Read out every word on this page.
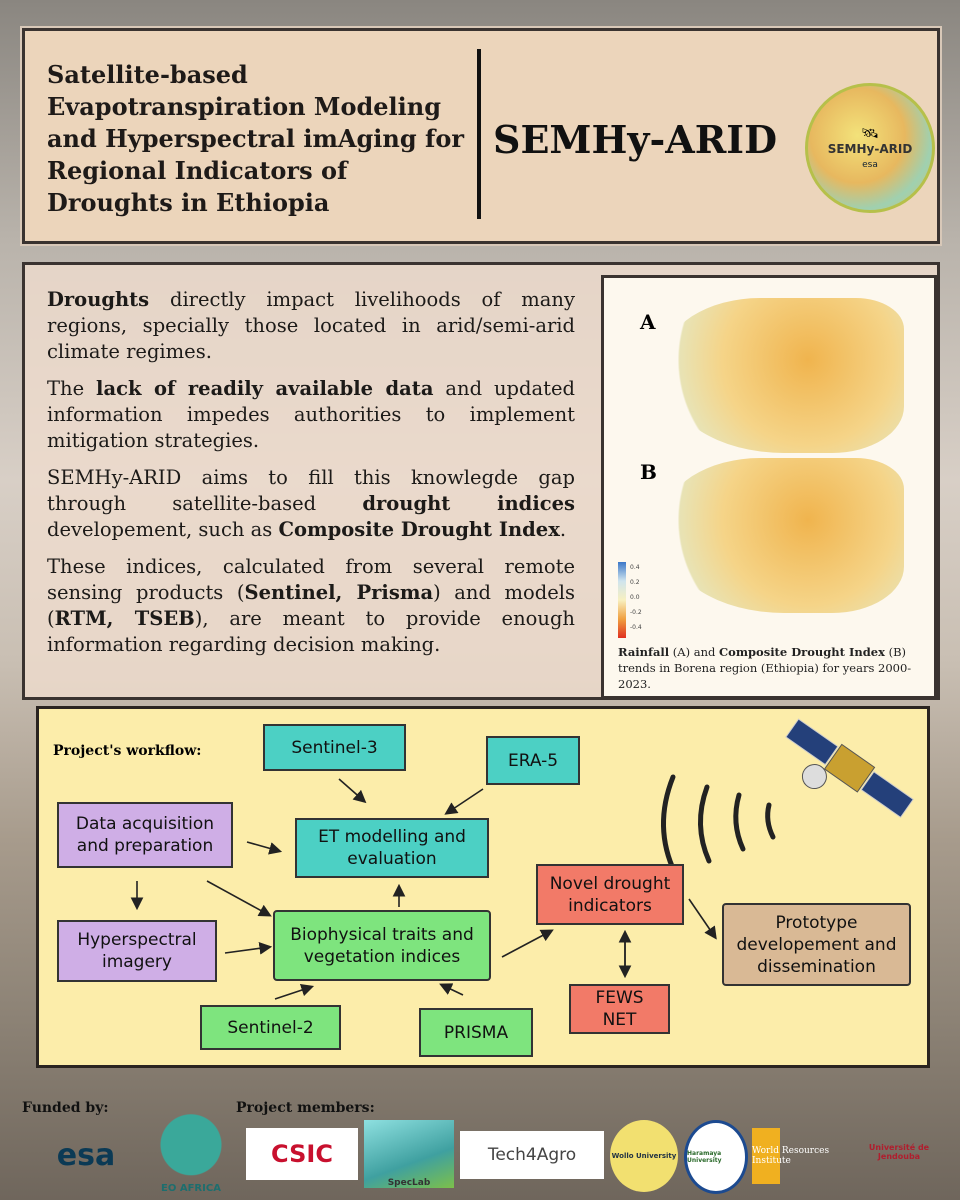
Satellite-based Evapotranspiration Modeling and Hyperspectral imAging for Regional Indicators of Droughts in Ethiopia
SEMHy-ARID	🛰
SEMHy-ARID
esa

Droughts directly impact livelihoods of many regions, specially those located in arid/semi-arid climate regimes.

The lack of readily available data and updated information impedes authorities to implement mitigation strategies.

SEMHy-ARID aims to fill this knowlegde gap through satellite-based drought indices developement, such as Composite Drought Index.

These indices, calculated from several remote sensing products (Sentinel, Prisma) and models (RTM, TSEB), are meant to provide enough information regarding decision making.

A
B
0.4
0.2
0.0
-0.2
-0.4
Rainfall (A) and Composite Drought Index (B) trends in Borena region (Ethiopia) for years 2000-2023.
Project's workflow:	Sentinel-3
ERA-5
Data acquisition and preparation	ET modelling and evaluation
Hyperspectral imagery
Biophysical traits and vegetation indices
Novel drought indicators
Prototype developement and dissemination
FEWS NET
Sentinel-2	PRISMA
Funded by:	Project members:
esa
EO AFRICA
CSIC
SpecLab
Tech4Agro	Wollo University	Haramaya University
World Resources Institute
Université de Jendouba
